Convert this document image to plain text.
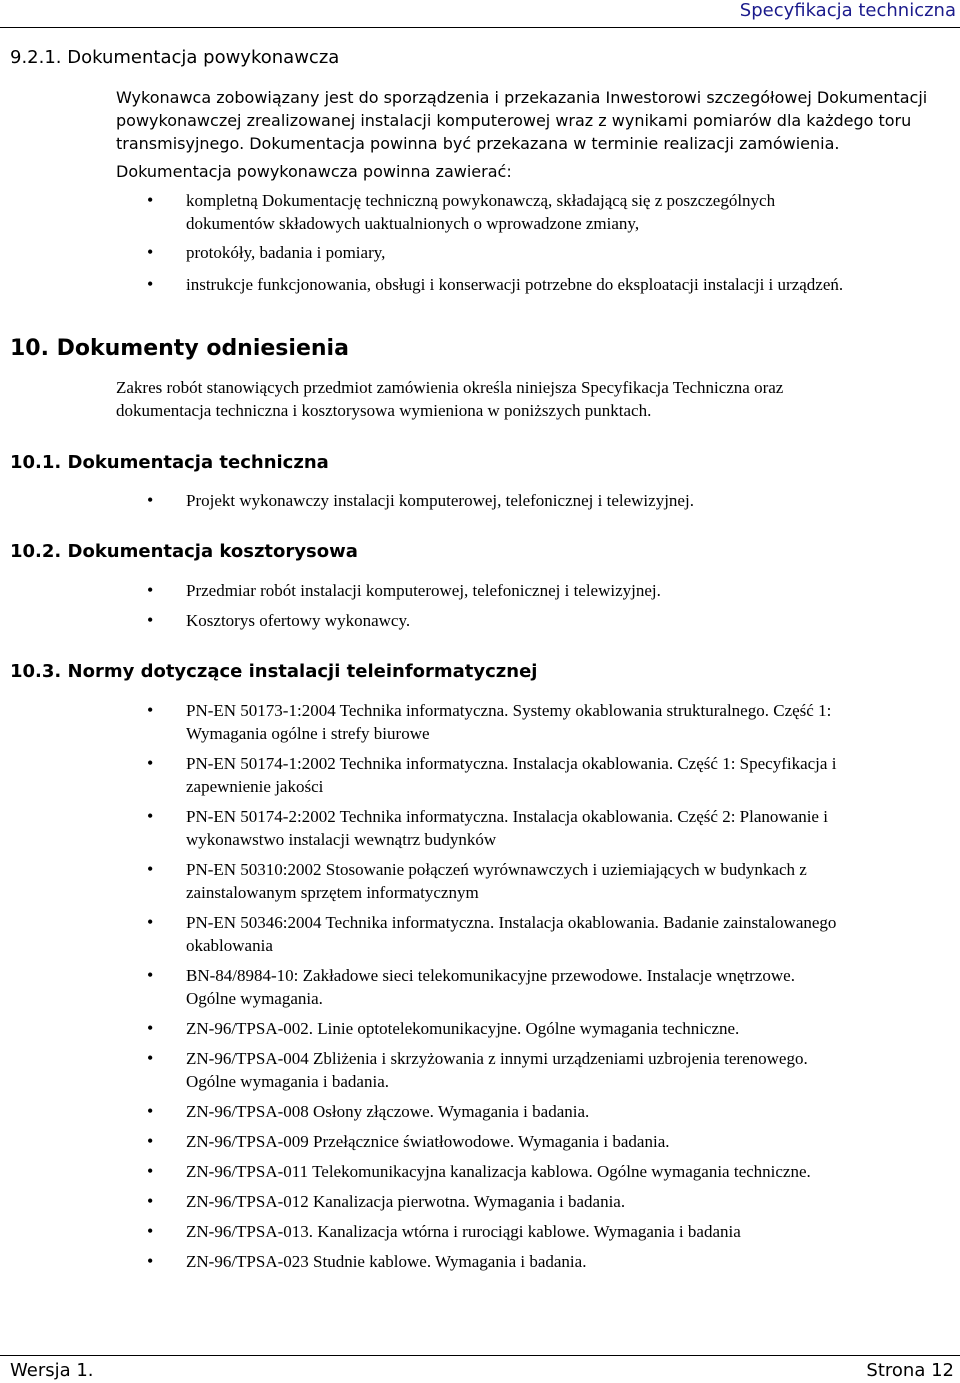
Specyfikacja techniczna
9.2.1. Dokumentacja powykonawcza
Wykonawca zobowiązany jest do sporządzenia i przekazania Inwestorowi szczegółowej Dokumentacji
powykonawczej zrealizowanej instalacji komputerowej wraz z wynikami pomiarów dla każdego toru
transmisyjnego. Dokumentacja powinna być przekazana w terminie realizacji zamówienia.
Dokumentacja powykonawcza powinna zawierać:
• kompletną Dokumentację techniczną powykonawczą, składającą się z poszczególnych
dokumentów składowych uaktualnionych o wprowadzone zmiany,
• protokóły, badania i pomiary,
• instrukcje funkcjonowania, obsługi i konserwacji potrzebne do eksploatacji instalacji i urządzeń.
10. Dokumenty odniesienia
Zakres robót stanowiących przedmiot zamówienia określa niniejsza Specyfikacja Techniczna oraz
dokumentacja techniczna i kosztorysowa wymieniona w poniższych punktach.
10.1. Dokumentacja techniczna
• Projekt wykonawczy instalacji komputerowej, telefonicznej i telewizyjnej.
10.2. Dokumentacja kosztorysowa
• Przedmiar robót instalacji komputerowej, telefonicznej i telewizyjnej.
• Kosztorys ofertowy wykonawcy.
10.3. Normy dotyczące instalacji teleinformatycznej
• PN-EN 50173-1:2004 Technika informatyczna. Systemy okablowania strukturalnego. Część 1:
Wymagania ogólne i strefy biurowe
• PN-EN 50174-1:2002 Technika informatyczna. Instalacja okablowania. Część 1: Specyfikacja i
zapewnienie jakości
• PN-EN 50174-2:2002 Technika informatyczna. Instalacja okablowania. Część 2: Planowanie i
wykonawstwo instalacji wewnątrz budynków
• PN-EN 50310:2002 Stosowanie połączeń wyrównawczych i uziemiających w budynkach z
zainstalowanym sprzętem informatycznym
• PN-EN 50346:2004 Technika informatyczna. Instalacja okablowania. Badanie zainstalowanego
okablowania
• BN-84/8984-10: Zakładowe sieci telekomunikacyjne przewodowe. Instalacje wnętrzowe.
Ogólne wymagania.
• ZN-96/TPSA-002. Linie optotelekomunikacyjne. Ogólne wymagania techniczne.
• ZN-96/TPSA-004 Zbliżenia i skrzyżowania z innymi urządzeniami uzbrojenia terenowego.
Ogólne wymagania i badania.
• ZN-96/TPSA-008 Osłony złączowe. Wymagania i badania.
• ZN-96/TPSA-009 Przełącznice światłowodowe. Wymagania i badania.
• ZN-96/TPSA-011 Telekomunikacyjna kanalizacja kablowa. Ogólne wymagania techniczne.
• ZN-96/TPSA-012 Kanalizacja pierwotna. Wymagania i badania.
• ZN-96/TPSA-013. Kanalizacja wtórna i rurociągi kablowe. Wymagania i badania
• ZN-96/TPSA-023 Studnie kablowe. Wymagania i badania.
Wersja 1.	Strona 12
